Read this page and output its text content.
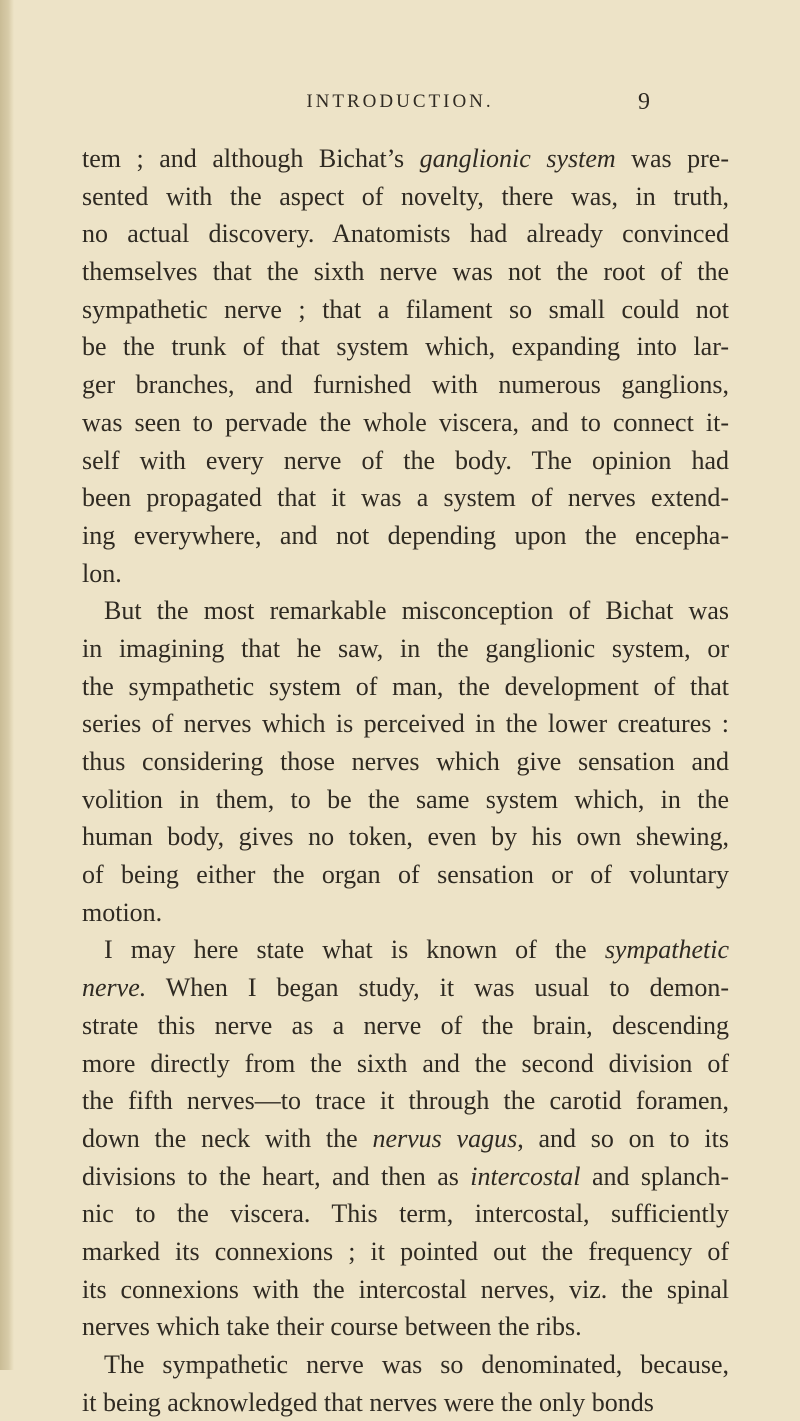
INTRODUCTION.	9

tem ; and although Bichat’s ganglionic system was pre-
sented with the aspect of novelty, there was, in truth,
no actual discovery. Anatomists had already convinced
themselves that the sixth nerve was not the root of the
sympathetic nerve ; that a filament so small could not
be the trunk of that system which, expanding into lar-
ger branches, and furnished with numerous ganglions,
was seen to pervade the whole viscera, and to connect it-
self with every nerve of the body. The opinion had
been propagated that it was a system of nerves extend-
ing everywhere, and not depending upon the encepha-
lon.

But the most remarkable misconception of Bichat was
in imagining that he saw, in the ganglionic system, or
the sympathetic system of man, the development of that
series of nerves which is perceived in the lower creatures :
thus considering those nerves which give sensation and
volition in them, to be the same system which, in the
human body, gives no token, even by his own shewing,
of being either the organ of sensation or of voluntary
motion.

I may here state what is known of the sympathetic
nerve. When I began study, it was usual to demon-
strate this nerve as a nerve of the brain, descending
more directly from the sixth and the second division of
the fifth nerves—to trace it through the carotid foramen,
down the neck with the nervus vagus, and so on to its
divisions to the heart, and then as intercostal and splanch-
nic to the viscera. This term, intercostal, sufficiently
marked its connexions ; it pointed out the frequency of
its connexions with the intercostal nerves, viz. the spinal
nerves which take their course between the ribs.

The sympathetic nerve was so denominated, because,
it being acknowledged that nerves were the only bonds
